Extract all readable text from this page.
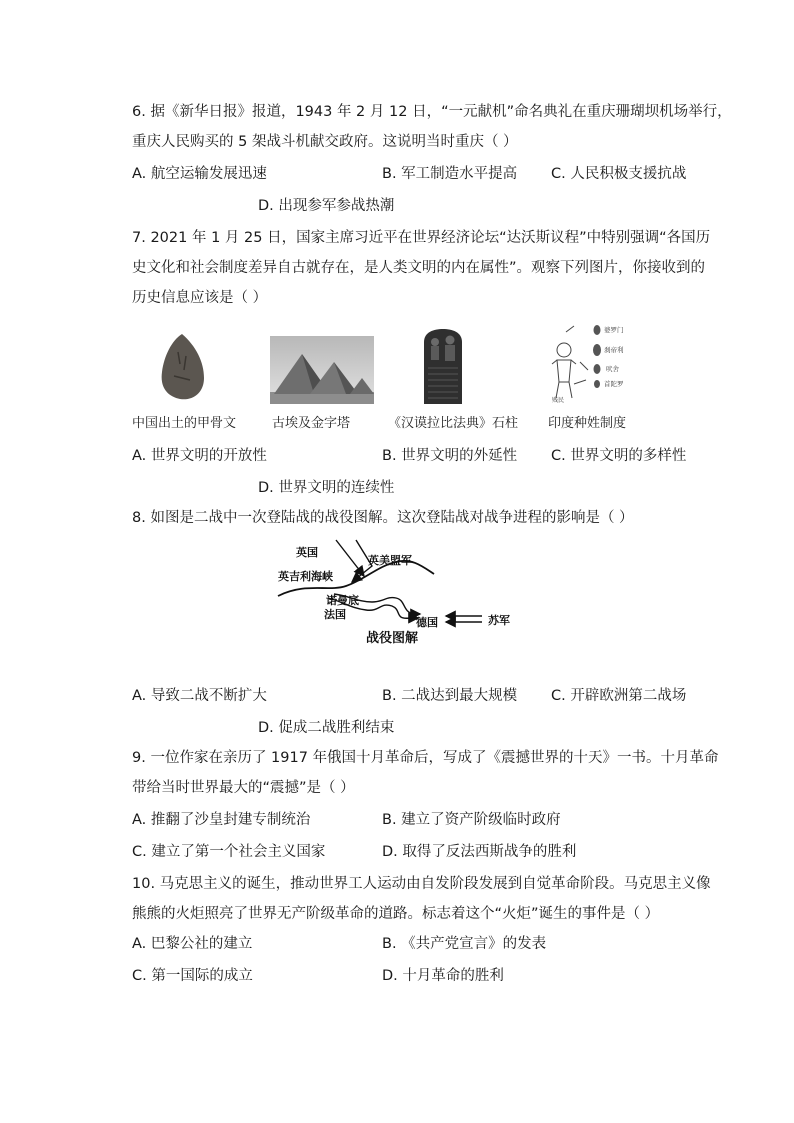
6. 据《新华日报》报道，1943 年 2 月 12 日，“一元献机”命名典礼在重庆珊瑚坝机场举行，
重庆人民购买的 5 架战斗机献交政府。这说明当时重庆（ ）
A. 航空运输发展迅速	B. 军工制造水平提高 C. 人民积极支援抗战
D. 出现参军参战热潮
7. 2021 年 1 月 25 日，国家主席习近平在世界经济论坛“达沃斯议程”中特别强调“各国历
史文化和社会制度差异自古就存在，是人类文明的内在属性”。观察下列图片，你接收到的
历史信息应该是（ ）
婆罗门
刹帝利
吠舍
首陀罗
贱民
中国出土的甲骨文	古埃及金字塔	《汉谟拉比法典》石柱 印度种姓制度
A. 世界文明的开放性	B. 世界文明的外延性 C. 世界文明的多样性
D. 世界文明的连续性
8. 如图是二战中一次登陆战的战役图解。这次登陆战对战争进程的影响是（ ）
英国
英美盟军
英吉利海峡
诺曼底
法国
德国	苏军
战役图解
A. 导致二战不断扩大	B. 二战达到最大规模 C. 开辟欧洲第二战场
D. 促成二战胜利结束
9. 一位作家在亲历了 1917 年俄国十月革命后，写成了《震撼世界的十天》一书。十月革命
带给当时世界最大的“震撼”是（ ）
A. 推翻了沙皇封建专制统治	B. 建立了资产阶级临时政府
C. 建立了第一个社会主义国家	D. 取得了反法西斯战争的胜利
10. 马克思主义的诞生，推动世界工人运动由自发阶段发展到自觉革命阶段。马克思主义像
熊熊的火炬照亮了世界无产阶级革命的道路。标志着这个“火炬”诞生的事件是（ ）
A. 巴黎公社的建立	B. 《共产党宣言》的发表
C. 第一国际的成立	D. 十月革命的胜利
